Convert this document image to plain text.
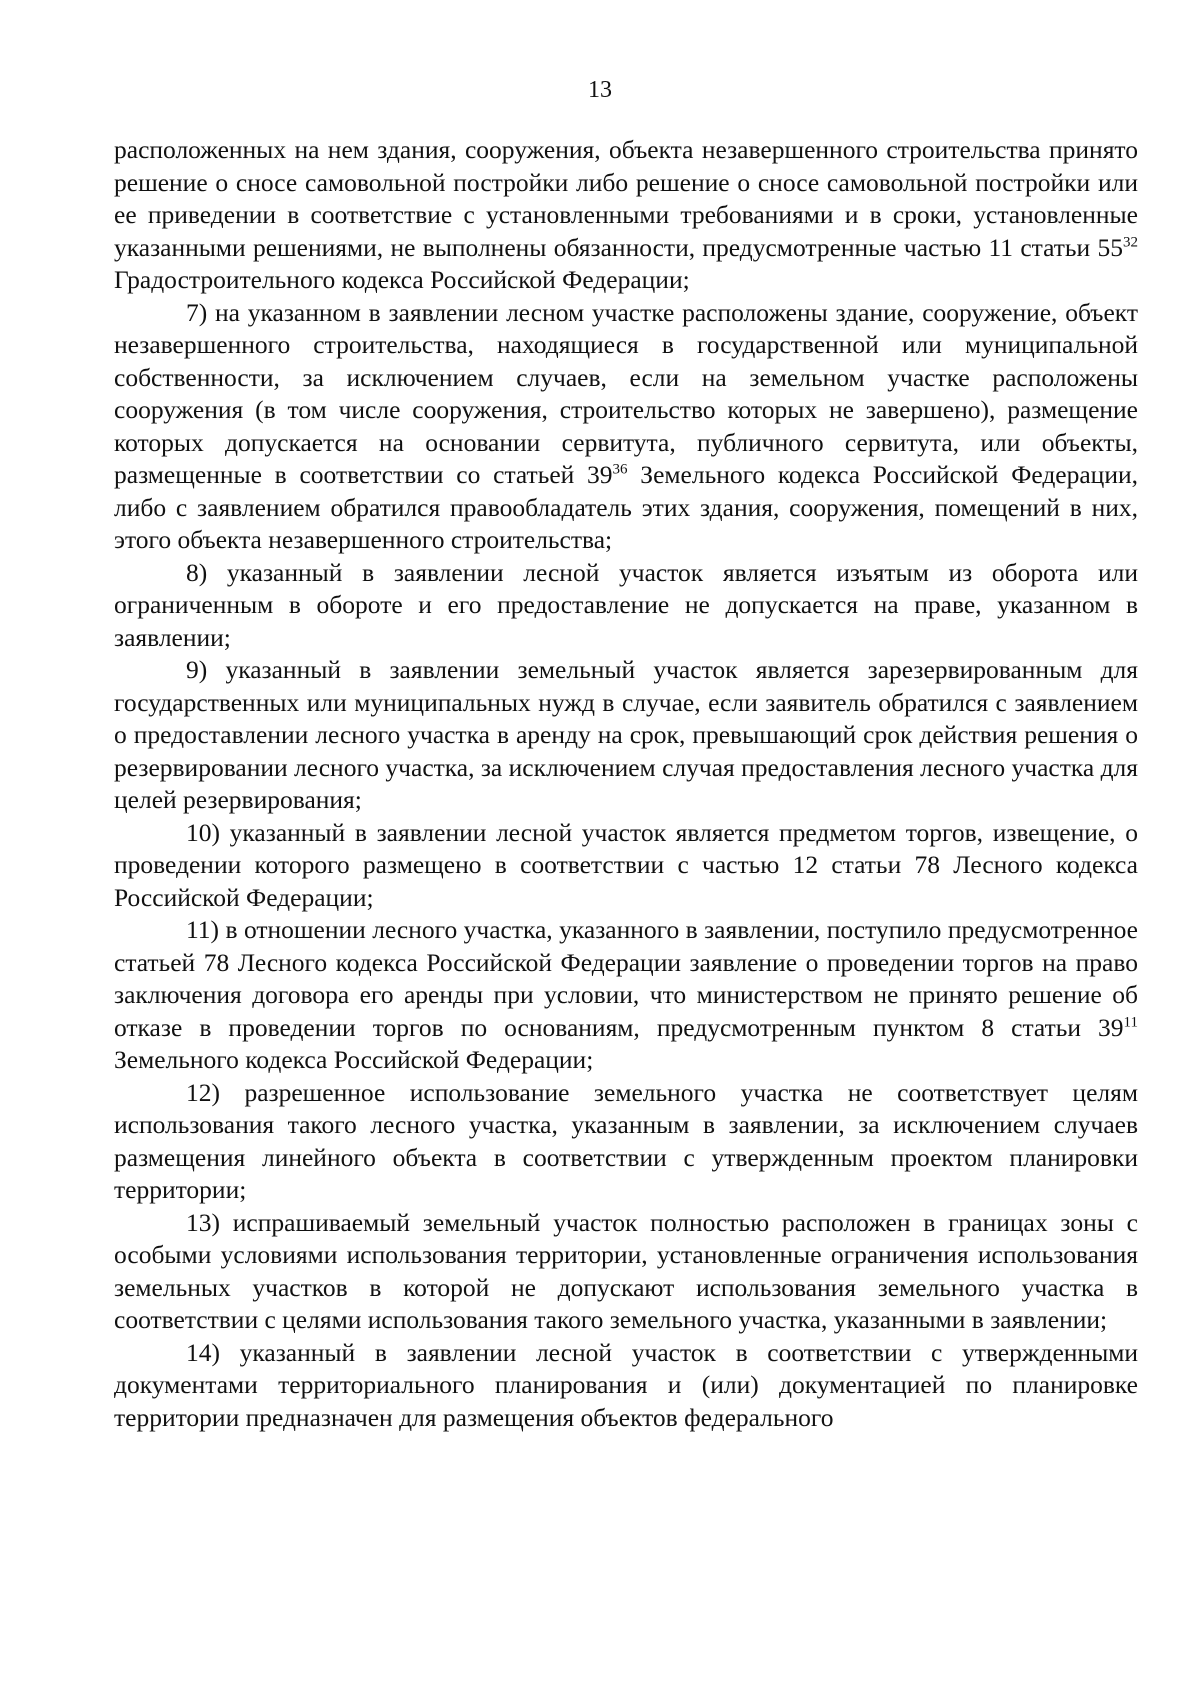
13

расположенных на нем здания, сооружения, объекта незавершенного строительства принято решение о сносе самовольной постройки либо решение о сносе самовольной постройки или ее приведении в соответствие с установленными требованиями и в сроки, установленные указанными решениями, не выполнены обязанности, предусмотренные частью 11 статьи $55^{32}$ Градостроительного кодекса Российской Федерации;

7) на указанном в заявлении лесном участке расположены здание, сооружение, объект незавершенного строительства, находящиеся в государственной или муниципальной собственности, за исключением случаев, если на земельном участке расположены сооружения (в том числе сооружения, строительство которых не завершено), размещение которых допускается на основании сервитута, публичного сервитута, или объекты, размещенные в соответствии со статьей $39^{36}$ Земельного кодекса Российской Федерации, либо с заявлением обратился правообладатель этих здания, сооружения, помещений в них, этого объекта незавершенного строительства;

8) указанный в заявлении лесной участок является изъятым из оборота или ограниченным в обороте и его предоставление не допускается на праве, указанном в заявлении;

9) указанный в заявлении земельный участок является зарезервированным для государственных или муниципальных нужд в случае, если заявитель обратился с заявлением о предоставлении лесного участка в аренду на срок, превышающий срок действия решения о резервировании лесного участка, за исключением случая предоставления лесного участка для целей резервирования;

10) указанный в заявлении лесной участок является предметом торгов, извещение, о проведении которого размещено в соответствии с частью 12 статьи 78 Лесного кодекса Российской Федерации;

11) в отношении лесного участка, указанного в заявлении, поступило предусмотренное статьей 78 Лесного кодекса Российской Федерации заявление о проведении торгов на право заключения договора его аренды при условии, что министерством не принято решение об отказе в проведении торгов по основаниям, предусмотренным пунктом 8 статьи $39^{11}$ Земельного кодекса Российской Федерации;

12) разрешенное использование земельного участка не соответствует целям использования такого лесного участка, указанным в заявлении, за исключением случаев размещения линейного объекта в соответствии с утвержденным проектом планировки территории;

13) испрашиваемый земельный участок полностью расположен в границах зоны с особыми условиями использования территории, установленные ограничения использования земельных участков в которой не допускают использования земельного участка в соответствии с целями использования такого земельного участка, указанными в заявлении;

14) указанный в заявлении лесной участок в соответствии с утвержденными документами территориального планирования и (или) документацией по планировке территории предназначен для размещения объектов федерального
